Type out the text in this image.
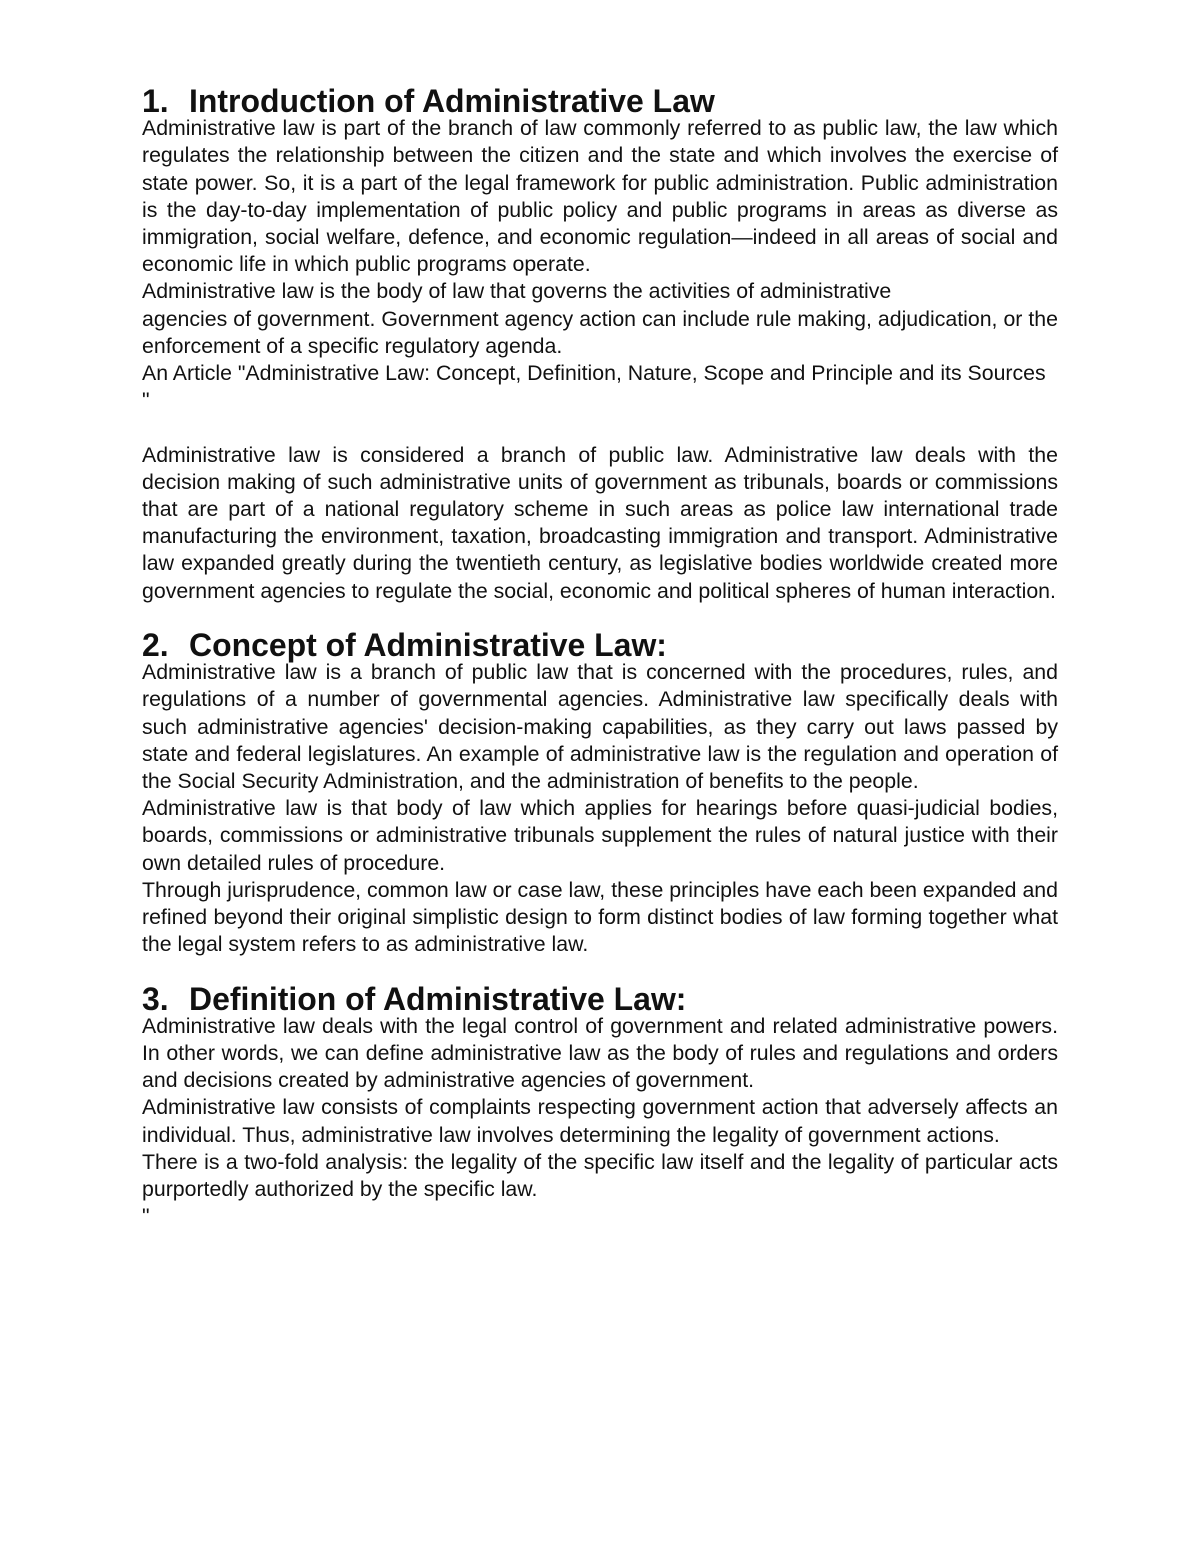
1. Introduction of Administrative Law

Administrative law is part of the branch of law commonly referred to as public law, the law which regulates the relationship between the citizen and the state and which involves the exercise of state power. So, it is a part of the legal framework for public administration. Public administration is the day-to-day implementation of public policy and public programs in areas as diverse as immigration, social welfare, defence, and economic regulation—indeed in all areas of social and economic life in which public programs operate.

Administrative law is the body of law that governs the activities of administrative

agencies of government. Government agency action can include rule making, adjudication, or the enforcement of a specific regulatory agenda.

An Article "Administrative Law: Concept, Definition, Nature, Scope and Principle and its Sources

"

Administrative law is considered a branch of public law. Administrative law deals with the decision making of such administrative units of government as tribunals, boards or commissions that are part of a national regulatory scheme in such areas as police law international trade manufacturing the environment, taxation, broadcasting immigration and transport. Administrative law expanded greatly during the twentieth century, as legislative bodies worldwide created more government agencies to regulate the social, economic and political spheres of human interaction.

2. Concept of Administrative Law:

Administrative law is a branch of public law that is concerned with the procedures, rules, and regulations of a number of governmental agencies. Administrative law specifically deals with such administrative agencies' decision-making capabilities, as they carry out laws passed by state and federal legislatures. An example of administrative law is the regulation and operation of the Social Security Administration, and the administration of benefits to the people.

Administrative law is that body of law which applies for hearings before quasi-judicial bodies, boards, commissions or administrative tribunals supplement the rules of natural justice with their own detailed rules of procedure.

Through jurisprudence, common law or case law, these principles have each been expanded and refined beyond their original simplistic design to form distinct bodies of law forming together what the legal system refers to as administrative law.

3. Definition of Administrative Law:

Administrative law deals with the legal control of government and related administrative powers. In other words, we can define administrative law as the body of rules and regulations and orders and decisions created by administrative agencies of government.

Administrative law consists of complaints respecting government action that adversely affects an individual. Thus, administrative law involves determining the legality of government actions.

There is a two-fold analysis: the legality of the specific law itself and the legality of particular acts purportedly authorized by the specific law.

"
